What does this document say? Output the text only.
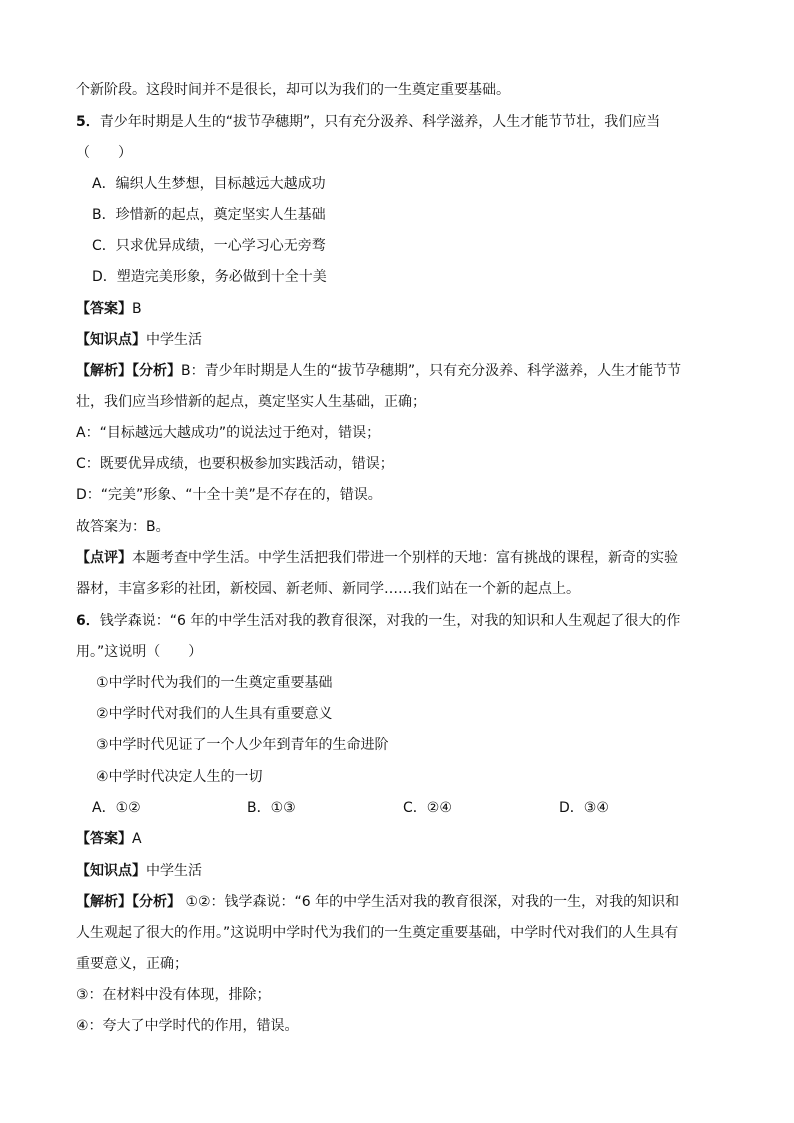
个新阶段。这段时间并不是很长，却可以为我们的一生奠定重要基础。
5．青少年时期是人生的“拔节孕穗期”，只有充分汲养、科学滋养，人生才能节节壮，我们应当
（　　）
A．编织人生梦想，目标越远大越成功
B．珍惜新的起点，奠定坚实人生基础
C．只求优异成绩，一心学习心无旁骛
D．塑造完美形象，务必做到十全十美
【答案】B
【知识点】中学生活
【解析】【分析】B：青少年时期是人生的“拔节孕穗期”，只有充分汲养、科学滋养，人生才能节节
壮，我们应当珍惜新的起点，奠定坚实人生基础，正确；
A：“目标越远大越成功”的说法过于绝对，错误；
C：既要优异成绩，也要积极参加实践活动，错误；
D：“完美”形象、“十全十美”是不存在的，错误。
故答案为：B。
【点评】本题考查中学生活。中学生活把我们带进一个别样的天地：富有挑战的课程，新奇的实验
器材，丰富多彩的社团，新校园、新老师、新同学……我们站在一个新的起点上。
6．钱学森说：“6 年的中学生活对我的教育很深，对我的一生，对我的知识和人生观起了很大的作
用。”这说明（　　）
①中学时代为我们的一生奠定重要基础
②中学时代对我们的人生具有重要意义
③中学时代见证了一个人少年到青年的生命进阶
④中学时代决定人生的一切
A．①②	B．①③	C．②④	D．③④
【答案】A
【知识点】中学生活
【解析】【分析】 ①②：钱学森说：“6 年的中学生活对我的教育很深，对我的一生，对我的知识和
人生观起了很大的作用。”这说明中学时代为我们的一生奠定重要基础，中学时代对我们的人生具有
重要意义，正确；
③：在材料中没有体现，排除；
④：夸大了中学时代的作用，错误。
